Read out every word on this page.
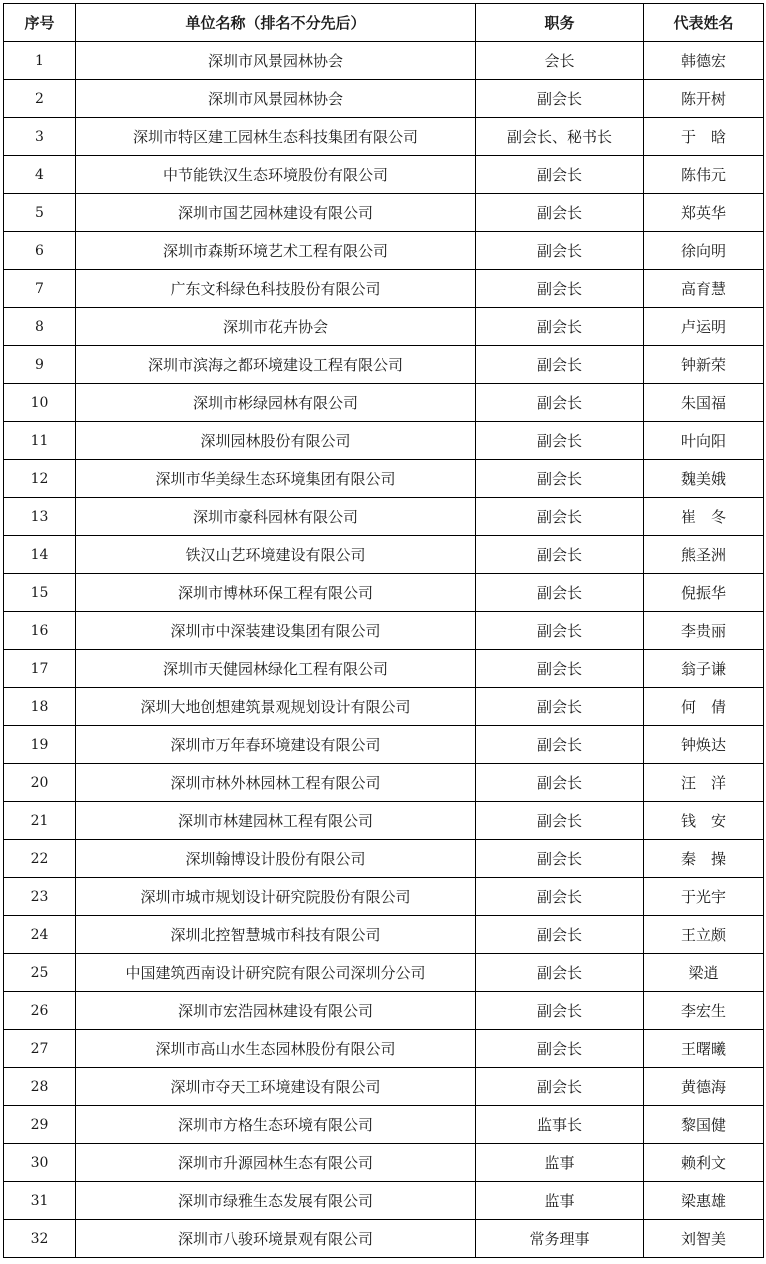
序号	单位名称（排名不分先后）	职务	代表姓名
1	深圳市风景园林协会	会长	韩德宏
2	深圳市风景园林协会	副会长	陈开树
3	深圳市特区建工园林生态科技集团有限公司	副会长、秘书长	于　晗
4	中节能铁汉生态环境股份有限公司	副会长	陈伟元
5	深圳市国艺园林建设有限公司	副会长	郑英华
6	深圳市森斯环境艺术工程有限公司	副会长	徐向明
7	广东文科绿色科技股份有限公司	副会长	高育慧
8	深圳市花卉协会	副会长	卢运明
9	深圳市滨海之都环境建设工程有限公司	副会长	钟新荣
10	深圳市彬绿园林有限公司	副会长	朱国福
11	深圳园林股份有限公司	副会长	叶向阳
12	深圳市华美绿生态环境集团有限公司	副会长	魏美娥
13	深圳市豪科园林有限公司	副会长	崔　冬
14	铁汉山艺环境建设有限公司	副会长	熊圣洲
15	深圳市博林环保工程有限公司	副会长	倪振华
16	深圳市中深装建设集团有限公司	副会长	李贵丽
17	深圳市天健园林绿化工程有限公司	副会长	翁子谦
18	深圳大地创想建筑景观规划设计有限公司	副会长	何　倩
19	深圳市万年春环境建设有限公司	副会长	钟焕达
20	深圳市林外林园林工程有限公司	副会长	汪　洋
21	深圳市林建园林工程有限公司	副会长	钱　安
22	深圳翰博设计股份有限公司	副会长	秦　操
23	深圳市城市规划设计研究院股份有限公司	副会长	于光宇
24	深圳北控智慧城市科技有限公司	副会长	王立颇
25	中国建筑西南设计研究院有限公司深圳分公司	副会长	梁逍
26	深圳市宏浩园林建设有限公司	副会长	李宏生
27	深圳市高山水生态园林股份有限公司	副会长	王曙曦
28	深圳市夺天工环境建设有限公司	副会长	黄德海
29	深圳市方格生态环境有限公司	监事长	黎国健
30	深圳市升源园林生态有限公司	监事	赖利文
31	深圳市绿雅生态发展有限公司	监事	梁惠雄
32	深圳市八骏环境景观有限公司	常务理事	刘智美
